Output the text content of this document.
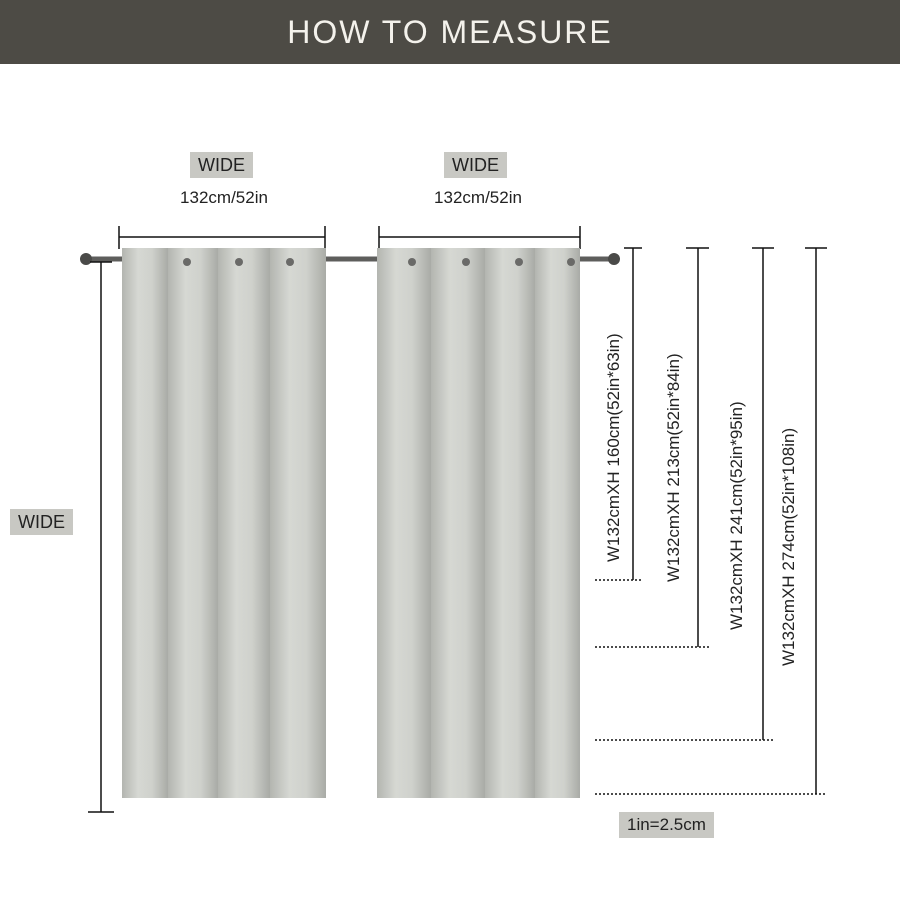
HOW TO MEASURE
WIDE
132cm/52in
WIDE
132cm/52in
WIDE	W132cmXH 160cm(52in*63in) W132cmXH 213cm(52in*84in)	W132cmXH 241cm(52in*95in) W132cmXH 274cm(52in*108in)
1in=2.5cm
